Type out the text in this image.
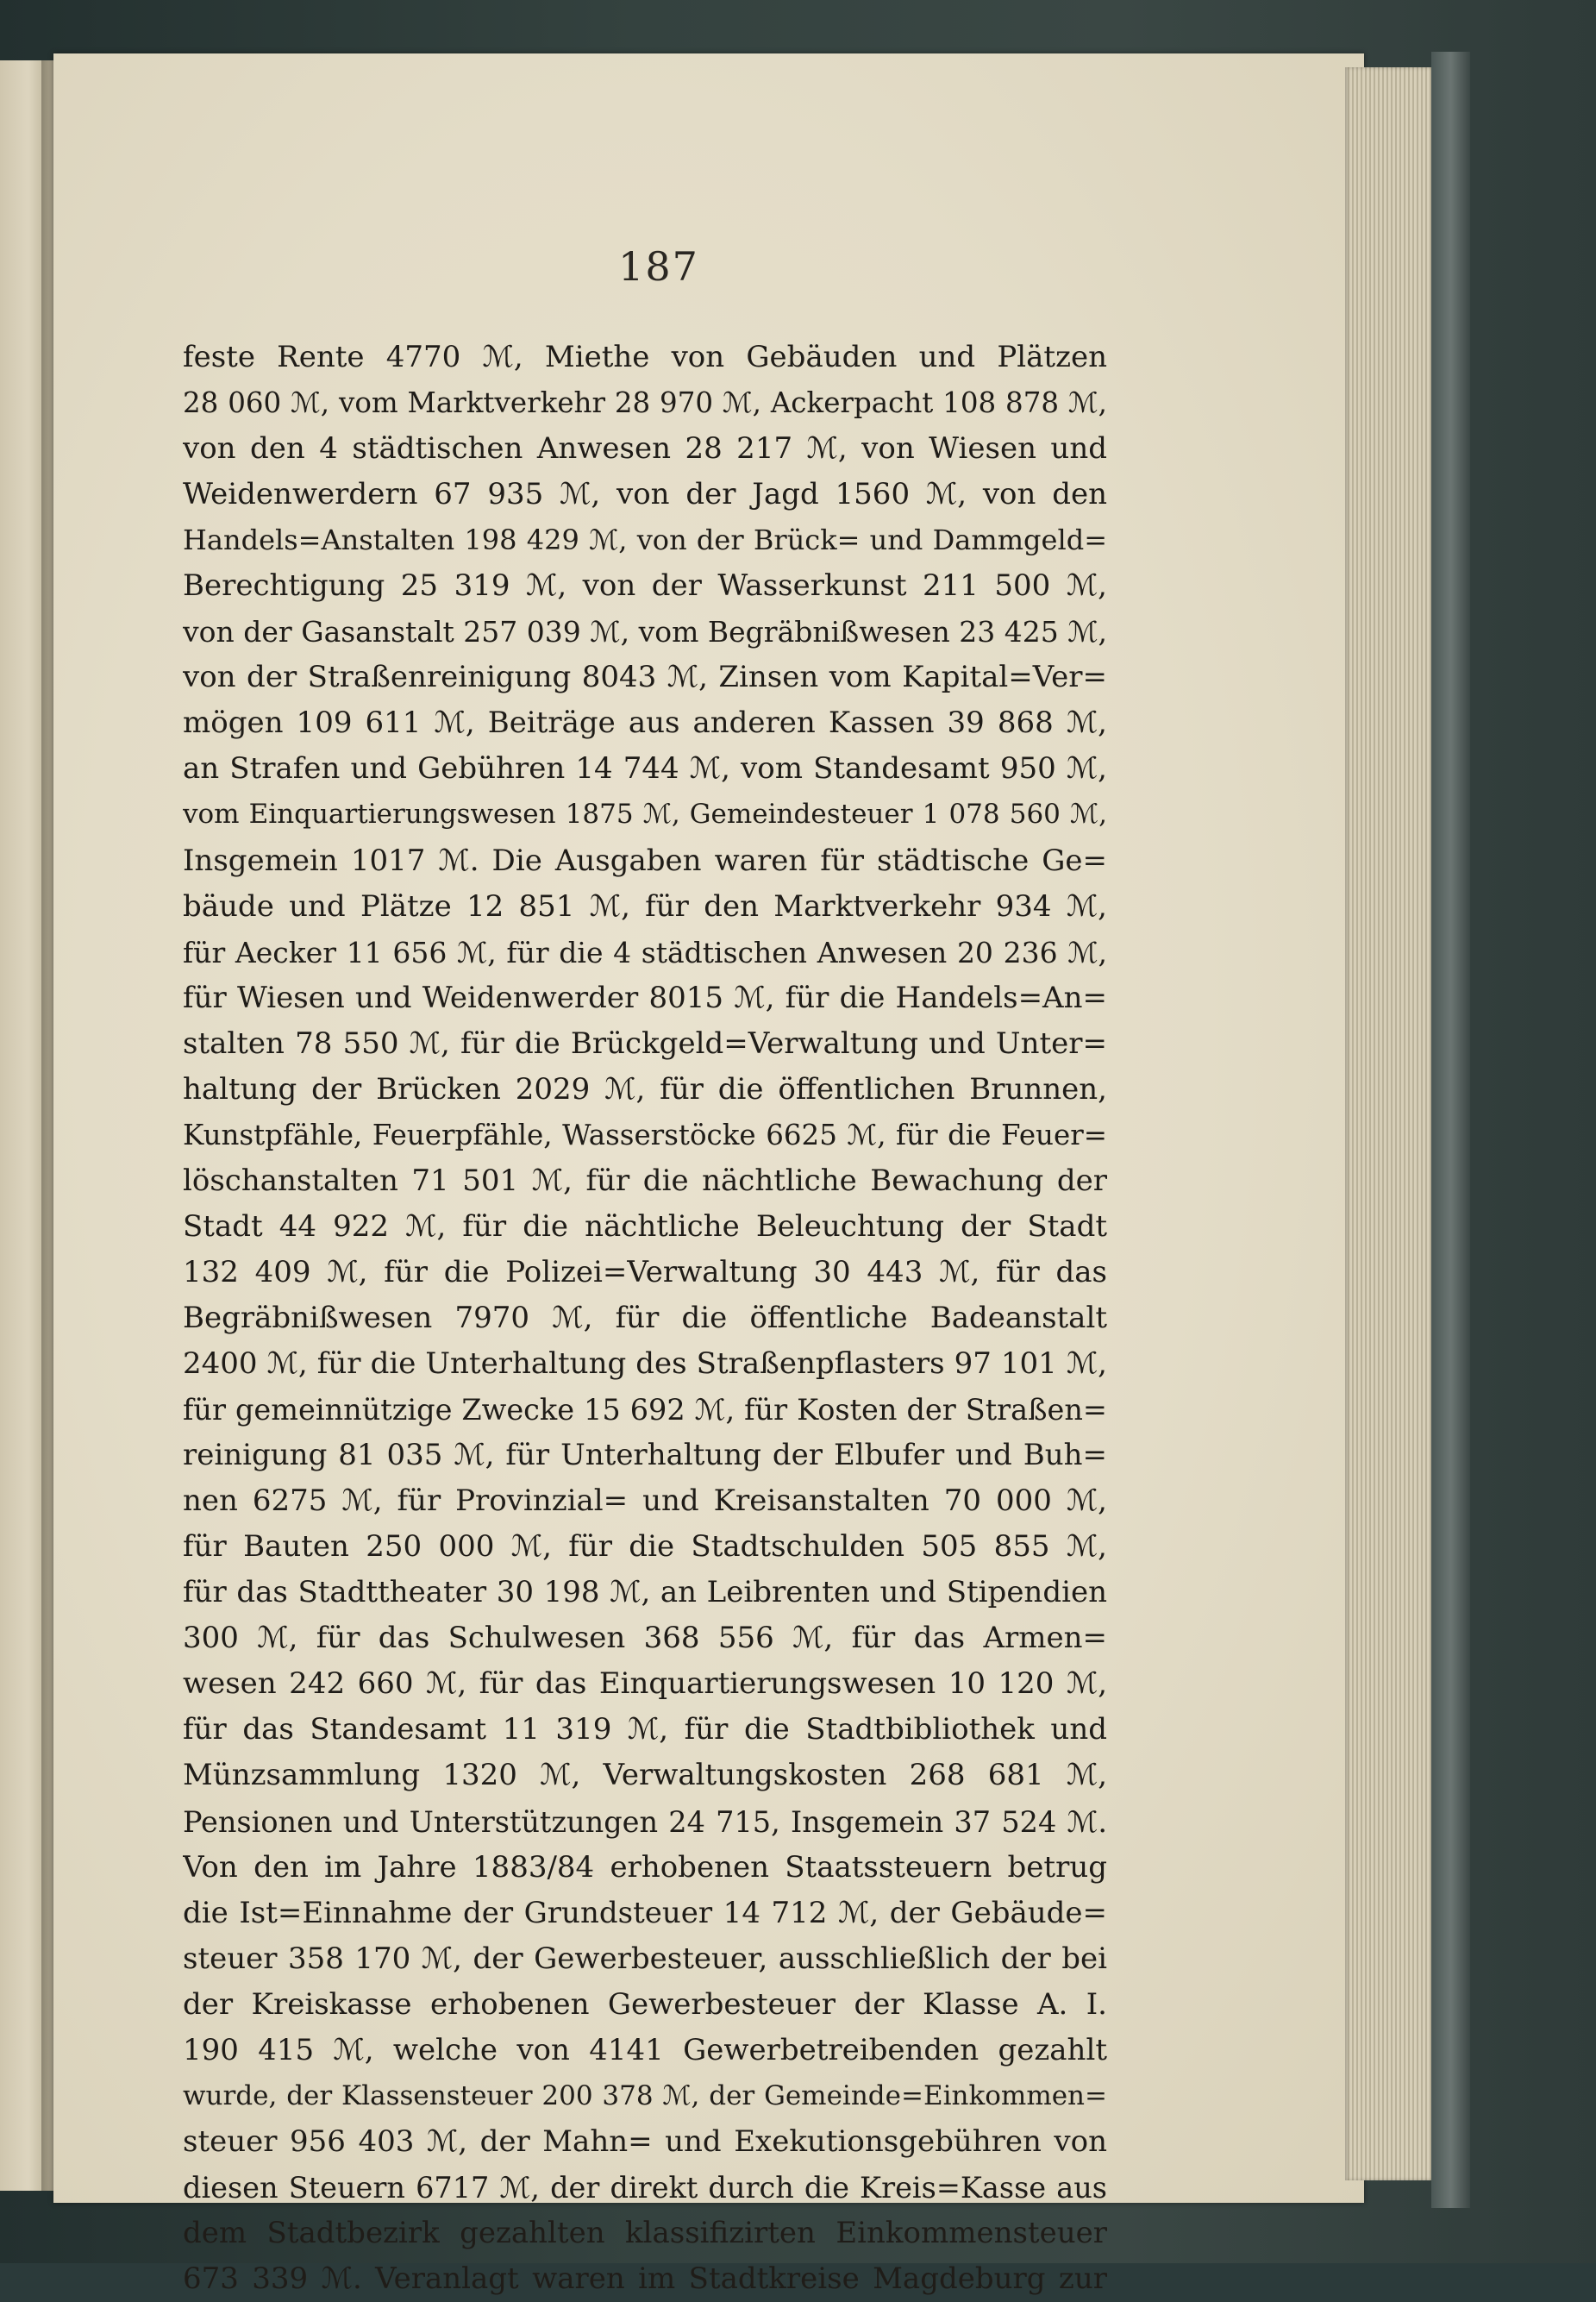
187
feste Rente 4770 ℳ, Miethe von Gebäuden und Plätzen
28 060 ℳ, vom Marktverkehr 28 970 ℳ, Ackerpacht 108 878 ℳ,
von den 4 städtischen Anwesen 28 217 ℳ, von Wiesen und
Weidenwerdern 67 935 ℳ, von der Jagd 1560 ℳ, von den
Handels=Anstalten 198 429 ℳ, von der Brück= und Dammgeld=
Berechtigung 25 319 ℳ, von der Wasserkunst 211 500 ℳ,
von der Gasanstalt 257 039 ℳ, vom Begräbnißwesen 23 425 ℳ,
von der Straßenreinigung 8043 ℳ, Zinsen vom Kapital=Ver=
mögen 109 611 ℳ, Beiträge aus anderen Kassen 39 868 ℳ,
an Strafen und Gebühren 14 744 ℳ, vom Standesamt 950 ℳ,
vom Einquartierungswesen 1875 ℳ, Gemeindesteuer 1 078 560 ℳ,
Insgemein 1017 ℳ. Die Ausgaben waren für städtische Ge=
bäude und Plätze 12 851 ℳ, für den Marktverkehr 934 ℳ,
für Aecker 11 656 ℳ, für die 4 städtischen Anwesen 20 236 ℳ,
für Wiesen und Weidenwerder 8015 ℳ, für die Handels=An=
stalten 78 550 ℳ, für die Brückgeld=Verwaltung und Unter=
haltung der Brücken 2029 ℳ, für die öffentlichen Brunnen,
Kunstpfähle, Feuerpfähle, Wasserstöcke 6625 ℳ, für die Feuer=
löschanstalten 71 501 ℳ, für die nächtliche Bewachung der
Stadt 44 922 ℳ, für die nächtliche Beleuchtung der Stadt
132 409 ℳ, für die Polizei=Verwaltung 30 443 ℳ, für das
Begräbnißwesen 7970 ℳ, für die öffentliche Badeanstalt
2400 ℳ, für die Unterhaltung des Straßenpflasters 97 101 ℳ,
für gemeinnützige Zwecke 15 692 ℳ, für Kosten der Straßen=
reinigung 81 035 ℳ, für Unterhaltung der Elbufer und Buh=
nen 6275 ℳ, für Provinzial= und Kreisanstalten 70 000 ℳ,
für Bauten 250 000 ℳ, für die Stadtschulden 505 855 ℳ,
für das Stadttheater 30 198 ℳ, an Leibrenten und Stipendien
300 ℳ, für das Schulwesen 368 556 ℳ, für das Armen=
wesen 242 660 ℳ, für das Einquartierungswesen 10 120 ℳ,
für das Standesamt 11 319 ℳ, für die Stadtbibliothek und
Münzsammlung 1320 ℳ, Verwaltungskosten 268 681 ℳ,
Pensionen und Unterstützungen 24 715, Insgemein 37 524 ℳ.
Von den im Jahre 1883/84 erhobenen Staatssteuern betrug
die Ist=Einnahme der Grundsteuer 14 712 ℳ, der Gebäude=
steuer 358 170 ℳ, der Gewerbesteuer, ausschließlich der bei
der Kreiskasse erhobenen Gewerbesteuer der Klasse A. I.
190 415 ℳ, welche von 4141 Gewerbetreibenden gezahlt
wurde, der Klassensteuer 200 378 ℳ, der Gemeinde=Einkommen=
steuer 956 403 ℳ, der Mahn= und Exekutionsgebühren von
diesen Steuern 6717 ℳ, der direkt durch die Kreis=Kasse aus
dem Stadtbezirk gezahlten klassifizirten Einkommensteuer
673 339 ℳ. Veranlagt waren im Stadtkreise Magdeburg zur
